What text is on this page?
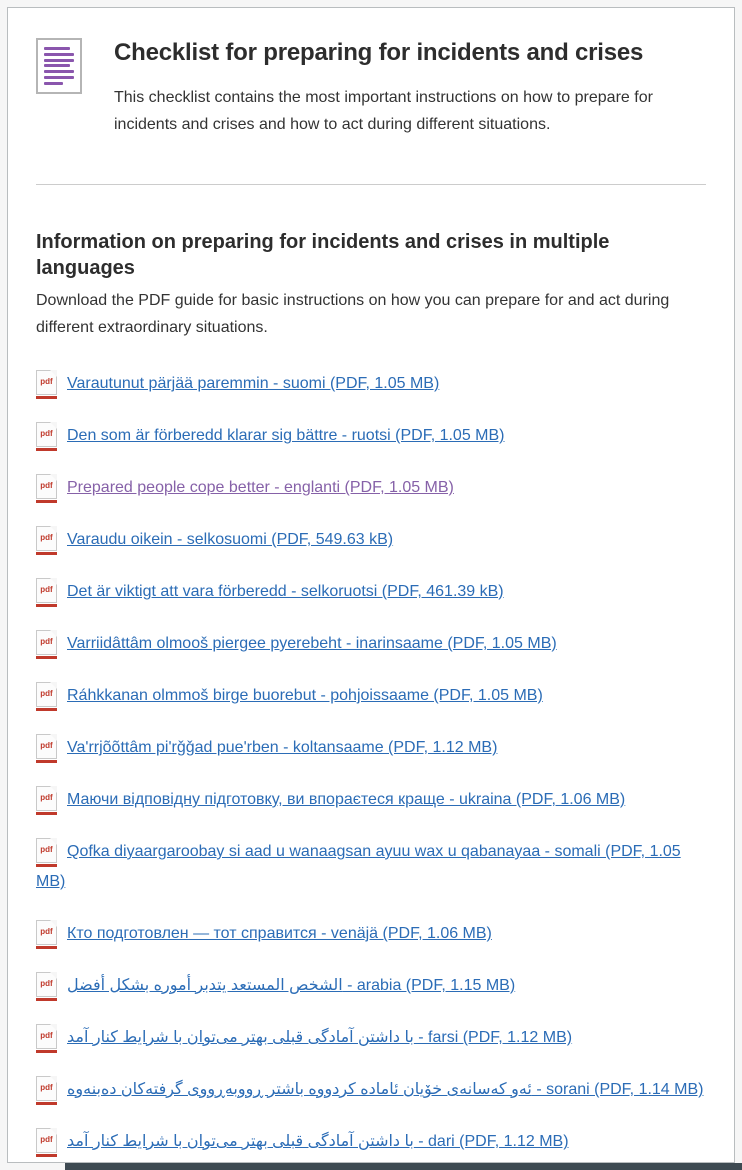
Checklist for preparing for incidents and crises

This checklist contains the most important instructions on how to prepare for incidents and crises and how to act during different situations.

Information on preparing for incidents and crises in multiple languages

Download the PDF guide for basic instructions on how you can prepare for and act during different extraordinary situations.

pdf Varautunut pärjää paremmin - suomi (PDF, 1.05 MB)

pdf Den som är förberedd klarar sig bättre - ruotsi (PDF, 1.05 MB)

pdf Prepared people cope better - englanti (PDF, 1.05 MB)

pdf Varaudu oikein - selkosuomi (PDF, 549.63 kB)

pdf Det är viktigt att vara förberedd - selkoruotsi (PDF, 461.39 kB)

pdf Varriidâttâm olmooš piergee pyerebeht - inarinsaame (PDF, 1.05 MB)

pdf Ráhkkanan olmmoš birge buorebut - pohjoissaame (PDF, 1.05 MB)

pdf Vaʹrrjõõttâm piʹrǧǧad pueʹrben - koltansaame (PDF, 1.12 MB)

pdf Маючи відповідну підготовку, ви впораєтеся краще - ukraina (PDF, 1.06 MB)

pdf Qofka diyaargaroobay si aad u wanaagsan ayuu wax u qabanayaa - somali (PDF, 1.05 MB)

pdf Кто подготовлен — тот справится - venäjä (PDF, 1.06 MB)

pdf الشخص المستعد يتدبر أموره بشكل أفضل - arabia (PDF, 1.15 MB)

pdf با داشتن آمادگی قبلی بهتر می‌توان با شرایط کنار آمد - farsi (PDF, 1.12 MB)

pdf ئەو کەسانەی خۆیان ئاماده کردووه باشتر ڕووبەڕووی گرفتەکان دەبنەوە - sorani (PDF, 1.14 MB)

pdf با داشتن آمادگی قبلی بهتر می‌توان با شرایط کنار آمد - dari (PDF, 1.12 MB)
